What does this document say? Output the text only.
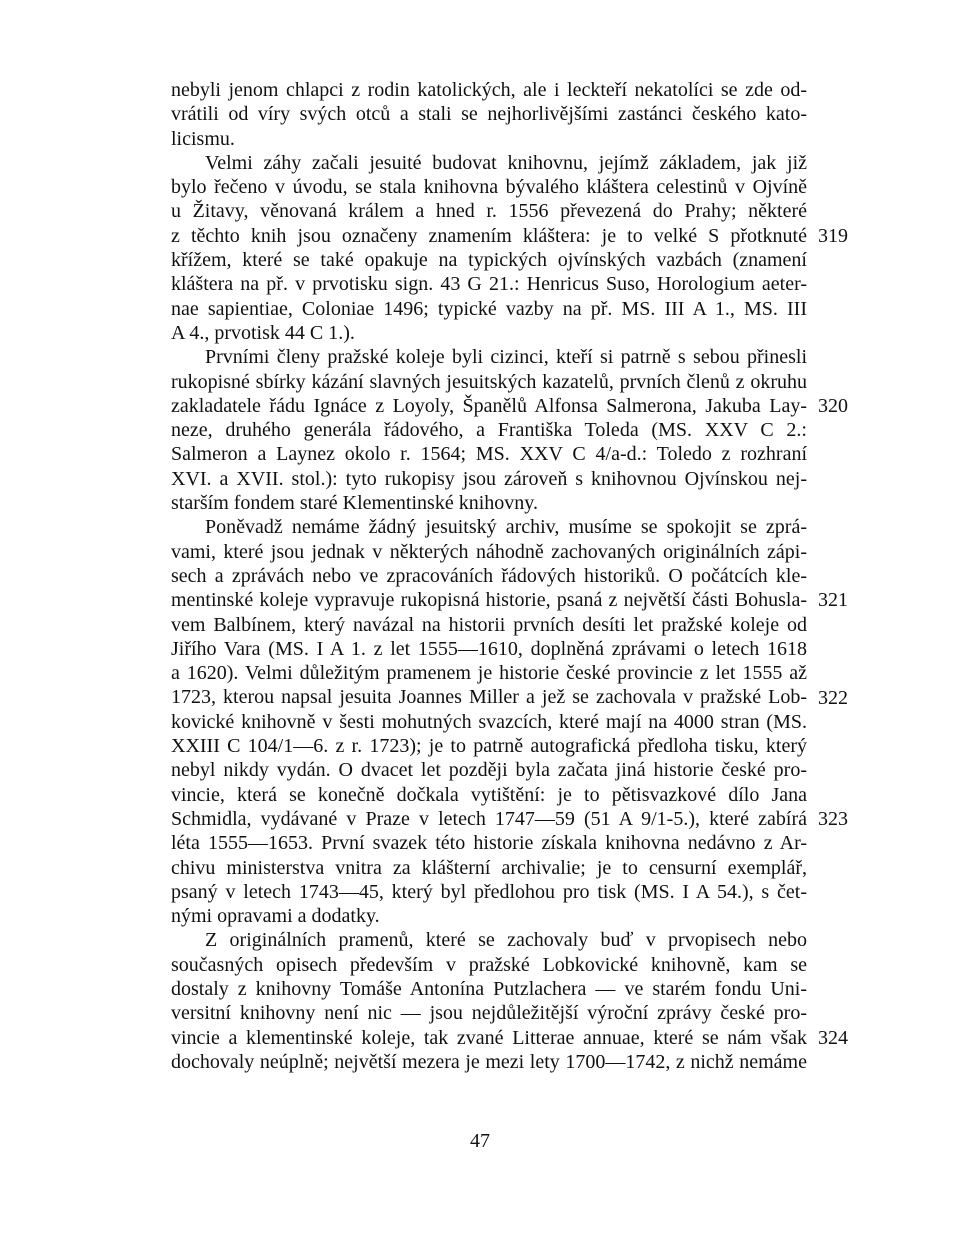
nebyli jenom chlapci z rodin katolických, ale i leckteří nekatolíci se zde od-
vrátili od víry svých otců a stali se nejhorlivějšími zastánci českého kato-
licismu.
Velmi záhy začali jesuité budovat knihovnu, jejímž základem, jak již
bylo řečeno v úvodu, se stala knihovna bývalého kláštera celestinů v Ojvíně
u Žitavy, věnovaná králem a hned r. 1556 převezená do Prahy; některé
z těchto knih jsou označeny znamením kláštera: je to velké S přotknuté
křížem, které se také opakuje na typických ojvínských vazbách (znamení
kláštera na př. v prvotisku sign. 43 G 21.: Henricus Suso, Horologium aeter-
nae sapientiae, Coloniae 1496; typické vazby na př. MS. III A 1., MS. III
A 4., prvotisk 44 C 1.).
Prvními členy pražské koleje byli cizinci, kteří si patrně s sebou přinesli
rukopisné sbírky kázání slavných jesuitských kazatelů, prvních členů z okruhu
zakladatele řádu Ignáce z Loyoly, Španělů Alfonsa Salmerona, Jakuba Lay-
neze, druhého generála řádového, a Františka Toleda (MS. XXV C 2.:
Salmeron a Laynez okolo r. 1564; MS. XXV C 4/a-d.: Toledo z rozhraní
XVI. a XVII. stol.): tyto rukopisy jsou zároveň s knihovnou Ojvínskou nej-
starším fondem staré Klementinské knihovny.
Poněvadž nemáme žádný jesuitský archiv, musíme se spokojit se zprá-
vami, které jsou jednak v některých náhodně zachovaných originálních zápi-
sech a zprávách nebo ve zpracováních řádových historiků. O počátcích kle-
mentinské koleje vypravuje rukopisná historie, psaná z největší části Bohusla-
vem Balbínem, který navázal na historii prvních desíti let pražské koleje od
Jiřího Vara (MS. I A 1. z let 1555—1610, doplněná zprávami o letech 1618
a 1620). Velmi důležitým pramenem je historie české provincie z let 1555 až
1723, kterou napsal jesuita Joannes Miller a jež se zachovala v pražské Lob-
kovické knihovně v šesti mohutných svazcích, které mají na 4000 stran (MS.
XXIII C 104/1—6. z r. 1723); je to patrně autografická předloha tisku, který
nebyl nikdy vydán. O dvacet let později byla začata jiná historie české pro-
vincie, která se konečně dočkala vytištění: je to pětisvazkové dílo Jana
Schmidla, vydávané v Praze v letech 1747—59 (51 A 9/1-5.), které zabírá
léta 1555—1653. První svazek této historie získala knihovna nedávno z Ar-
chivu ministerstva vnitra za klášterní archivalie; je to censurní exemplář,
psaný v letech 1743—45, který byl předlohou pro tisk (MS. I A 54.), s čet-
nými opravami a dodatky.
Z originálních pramenů, které se zachovaly buď v prvopisech nebo
současných opisech především v pražské Lobkovické knihovně, kam se
dostaly z knihovny Tomáše Antonína Putzlachera — ve starém fondu Uni-
versitní knihovny není nic — jsou nejdůležitější výroční zprávy české pro-
vincie a klementinské koleje, tak zvané Litterae annuae, které se nám však
dochovaly neúplně; největší mezera je mezi lety 1700—1742, z nichž nemáme
319
320
321
322
323
324
47
